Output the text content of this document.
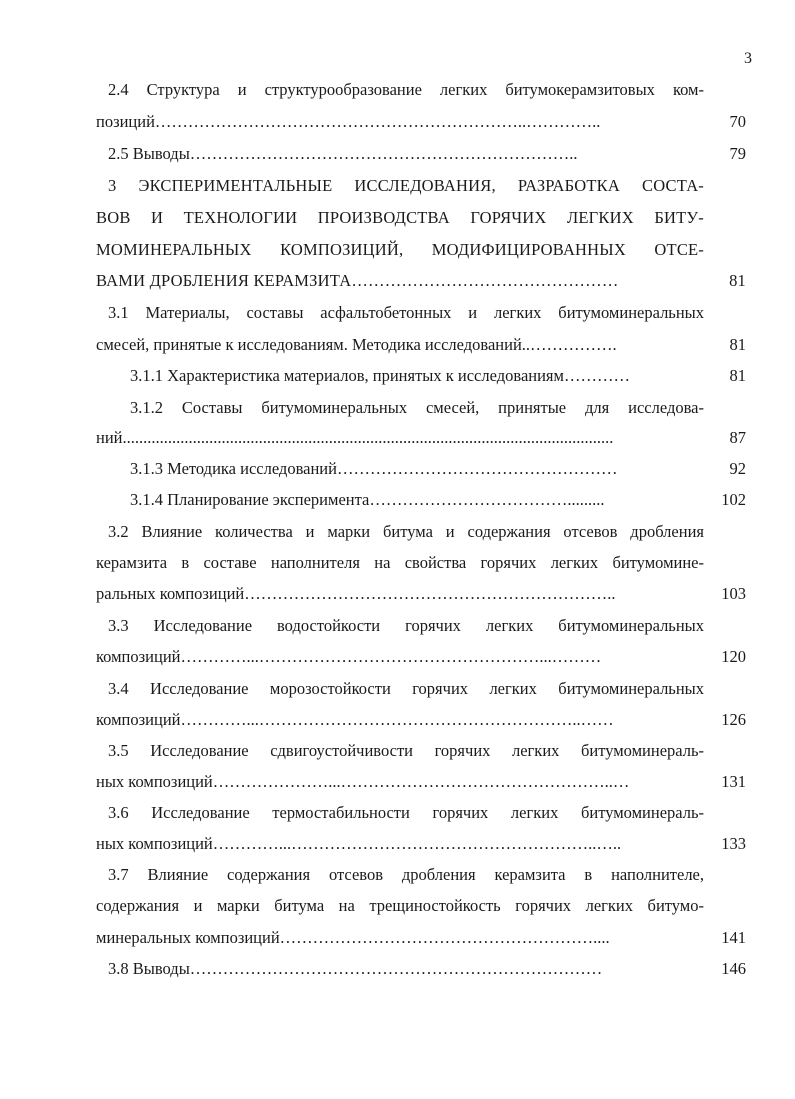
3
2.4 Структура и структурообразование легких битумокерамзитовых ком-
позиций…………………………………………………………..…………..	70
2.5 Выводы……………………………………………………………..	79
3 ЭКСПЕРИМЕНТАЛЬНЫЕ ИССЛЕДОВАНИЯ, РАЗРАБОТКА СОСТА-
ВОВ И ТЕХНОЛОГИИ ПРОИЗВОДСТВА ГОРЯЧИХ ЛЕГКИХ БИТУ-
МОМИНЕРАЛЬНЫХ КОМПОЗИЦИЙ, МОДИФИЦИРОВАННЫХ ОТСЕ-
ВАМИ ДРОБЛЕНИЯ КЕРАМЗИТА…………………………………………	81
3.1 Материалы, составы асфальтобетонных и легких битумоминеральных
смесей, принятые к исследованиям. Методика исследований..…………….	81
3.1.1 Характеристика материалов, принятых к исследованиям…………	81
3.1.2 Составы битумоминеральных смесей, принятые для исследова-
ний.......................................................................................................................	87
3.1.3 Методика исследований……………………………………………	92
3.1.4 Планирование эксперимента……………………………….........	102
3.2 Влияние количества и марки битума и содержания отсевов дробления
керамзита в составе наполнителя на свойства горячих легких битумомине-
ральных композиций…………………………………………………………..	103
3.3 Исследование водостойкости горячих легких битумоминеральных
композиций…………...……………………………………………...………	120
3.4 Исследование морозостойкости горячих легких битумоминеральных
композиций…………...…………………………………………………..……	126
3.5 Исследование сдвигоустойчивости горячих легких битумоминераль-
ных композиций…………………...…………………………………………..…	131
3.6 Исследование термостабильности горячих легких битумоминераль-
ных композиций…………...………………………………………………..…..	133
3.7 Влияние содержания отсевов дробления керамзита в наполнителе,
содержания и марки битума на трещиностойкость горячих легких битумо-
минеральных композиций…………………………………………………....	141
3.8 Выводы…………………………………………………………………	146
